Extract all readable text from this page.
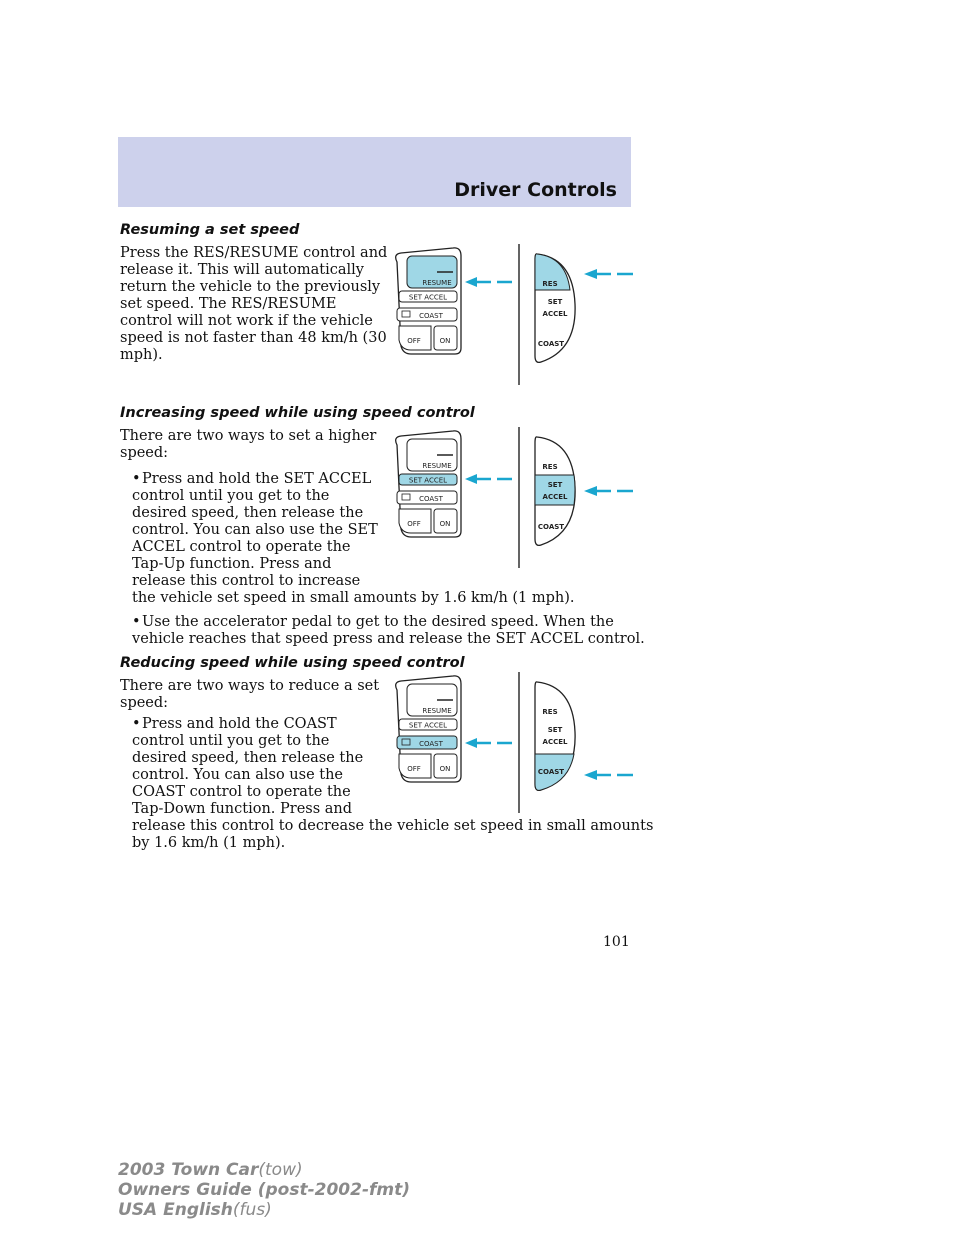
Driver Controls
Resuming a set speed
Press the RES/RESUME control and
release it. This will automatically
return the vehicle to the previously
set speed. The RES/RESUME
control will not work if the vehicle
speed is not faster than 48 km/h (30
mph).
RESUME
SET ACCEL
COAST
OFF	ON
RES
SET
ACCEL
COAST
Increasing speed while using speed control
There are two ways to set a higher
speed:
•Press and hold the SET ACCEL
control until you get to the
desired speed, then release the
control. You can also use the SET
ACCEL control to operate the
Tap-Up function. Press and
release this control to increase
the vehicle set speed in small amounts by 1.6 km/h (1 mph).
•Use the accelerator pedal to get to the desired speed. When the
vehicle reaches that speed press and release the SET ACCEL control.
RESUME
SET ACCEL
COAST
OFF	ON
RES
SET
ACCEL
COAST
Reducing speed while using speed control
There are two ways to reduce a set
speed:
•Press and hold the COAST
control until you get to the
desired speed, then release the
control. You can also use the
COAST control to operate the
Tap-Down function. Press and
release this control to decrease the vehicle set speed in small amounts
by 1.6 km/h (1 mph).
RESUME
SET ACCEL
COAST
OFF	ON
RES
SET
ACCEL
COAST
101
2003 Town Car(tow)
Owners Guide (post-2002-fmt)
USA English(fus)
